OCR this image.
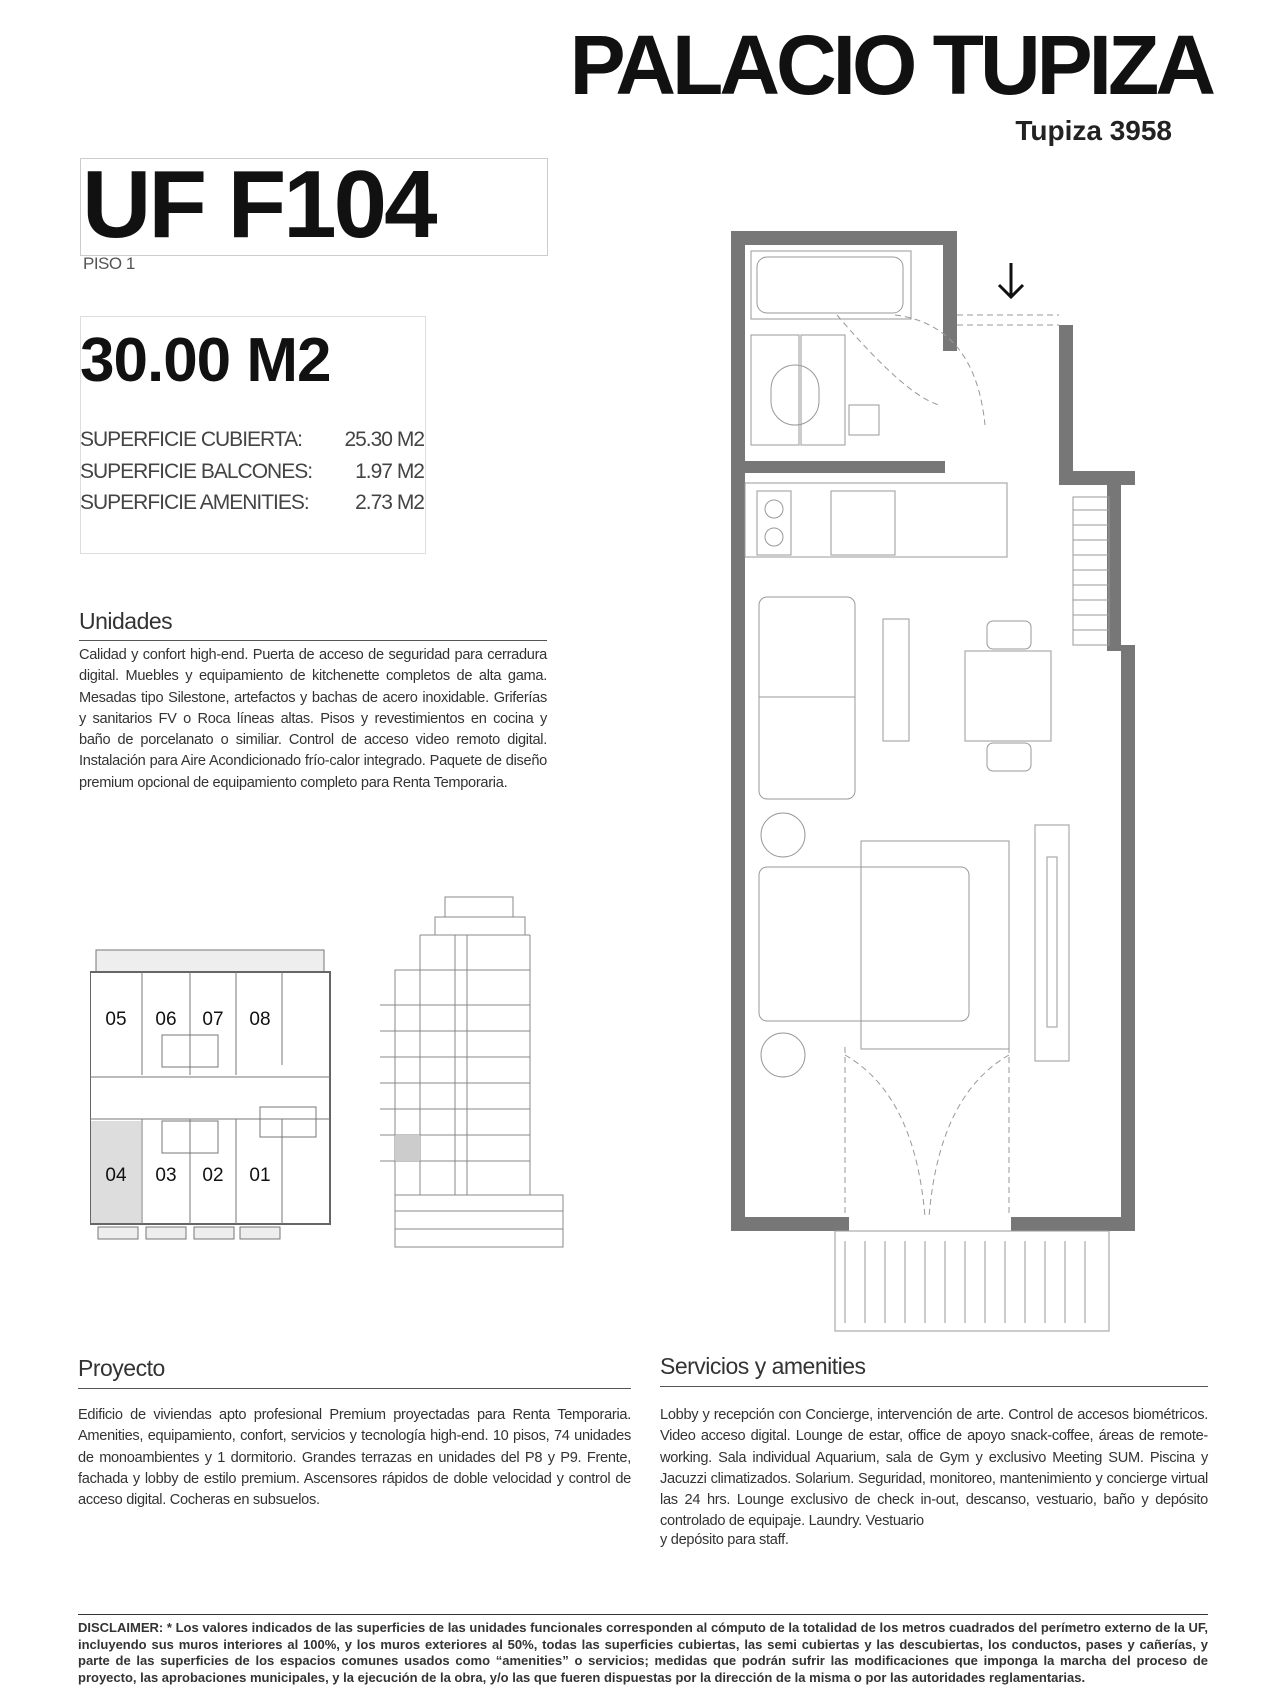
PALACIO TUPIZA
Tupiza 3958
UF F104
PISO 1
30.00 M2
SUPERFICIE CUBIERTA: 25.30 M2
SUPERFICIE BALCONES: 1.97 M2
SUPERFICIE AMENITIES: 2.73 M2
Unidades
Calidad y confort high-end. Puerta de acceso de seguridad para cerradura digital. Muebles y equipamiento de kitchenette completos de alta gama. Mesadas tipo Silestone, artefactos y bachas de acero inoxidable. Griferías y sanitarios FV o Roca líneas altas. Pisos y revestimientos en cocina y baño de porcelanato o similiar. Control de acceso video remoto digital. Instalación para Aire Acondicionado frío-calor integrado. Paquete de diseño premium opcional de equipamiento completo para Renta Temporaria.
05 06 07 08
04 03 02 01
Proyecto
Edificio de viviendas apto profesional Premium proyectadas para Renta Temporaria. Amenities, equipamiento, confort, servicios y tecnología high-end. 10 pisos, 74 unidades de monoambientes y 1 dormitorio. Grandes terrazas en unidades del P8 y P9. Frente, fachada y lobby de estilo premium. Ascensores rápidos de doble velocidad y control de acceso digital. Cocheras en subsuelos.
Servicios y amenities
Lobby y recepción con Concierge, intervención de arte. Control de accesos biométricos. Video acceso digital. Lounge de estar, office de apoyo snack-coffee, áreas de remote-working. Sala individual Aquarium, sala de Gym y exclusivo Meeting SUM. Piscina y Jacuzzi climatizados. Solarium. Seguridad, monitoreo, mantenimiento y concierge virtual las 24 hrs. Lounge exclusivo de check in-out, descanso, vestuario, baño y depósito controlado de equipaje. Laundry. Vestuario
y depósito para staff.
DISCLAIMER: * Los valores indicados de las superficies de las unidades funcionales corresponden al cómputo de la totalidad de los metros cuadrados del perímetro externo de la UF, incluyendo sus muros interiores al 100%, y los muros exteriores al 50%, todas las superficies cubiertas, las semi cubiertas y las descubiertas, los conductos, pases y cañerías, y parte de las superficies de los espacios comunes usados como “amenities” o servicios; medidas que podrán sufrir las modificaciones que imponga la marcha del proceso de proyecto, las aprobaciones municipales, y la ejecución de la obra, y/o las que fueren dispuestas por la dirección de la misma o por las autoridades reglamentarias.
